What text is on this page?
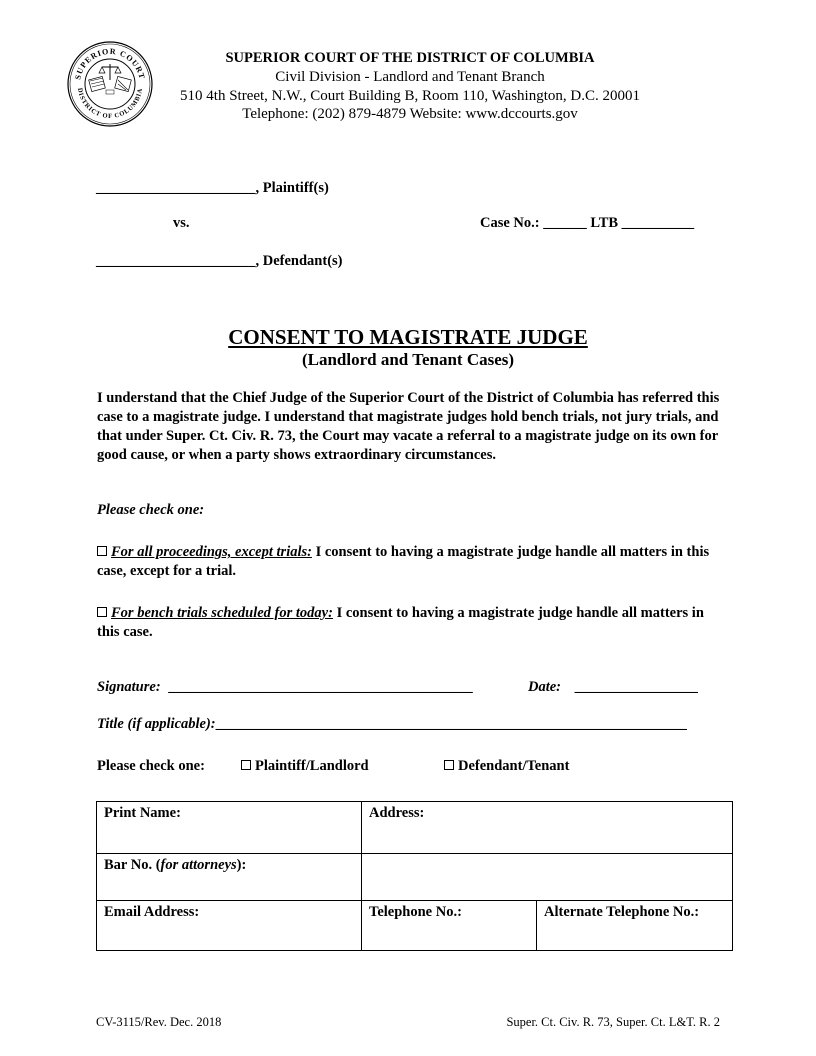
SUPERIOR COURT
DISTRICT OF COLUMBIA
SUPERIOR COURT OF THE DISTRICT OF COLUMBIA
Civil Division - Landlord and Tenant Branch
510 4th Street, N.W., Court Building B, Room 110, Washington, D.C. 20001
Telephone: (202) 879-4879 Website: www.dccourts.gov
______________________, Plaintiff(s)
vs.	Case No.: ______ LTB __________
______________________, Defendant(s)
CONSENT TO MAGISTRATE JUDGE
(Landlord and Tenant Cases)
I understand that the Chief Judge of the Superior Court of the District of Columbia has referred this case to a magistrate judge. I understand that magistrate judges hold bench trials, not jury trials, and that under Super. Ct. Civ. R. 73, the Court may vacate a referral to a magistrate judge on its own for good cause, or when a party shows extraordinary circumstances.
Please check one:
For all proceedings, except trials: I consent to having a magistrate judge handle all matters in this case, except for a trial.
For bench trials scheduled for today: I consent to having a magistrate judge handle all matters in this case.
Signature: __________________________________________	Date: _________________
Title (if applicable):_________________________________________________________________
Please check one:	Plaintiff/Landlord	Defendant/Tenant
Print Name:	Address:	
Bar No. (for attorneys):		
Email Address:	Telephone No.:	Alternate Telephone No.:
CV-3115/Rev. Dec. 2018	Super. Ct. Civ. R. 73, Super. Ct. L&T. R. 2
